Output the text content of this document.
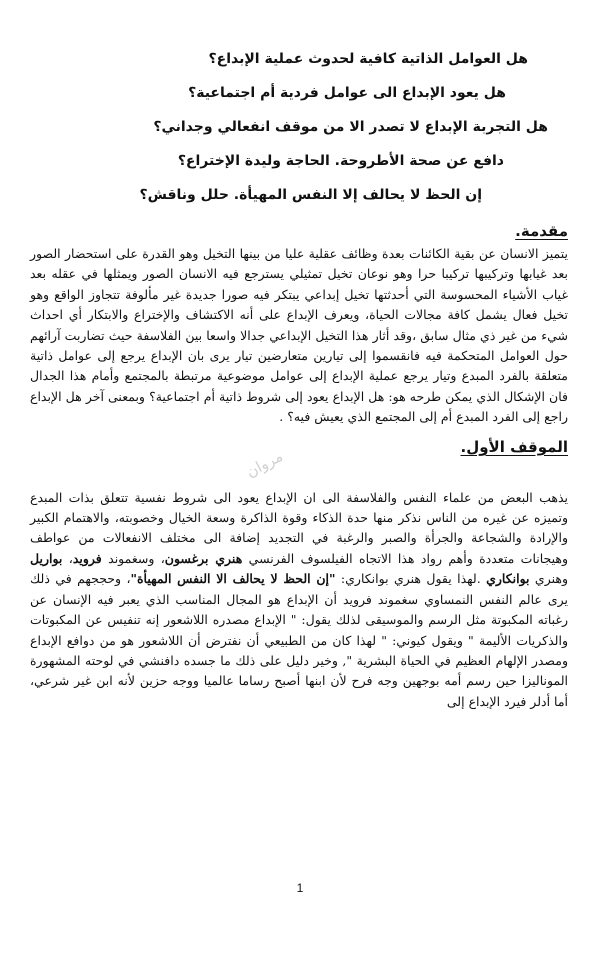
هل العوامل الذاتية كافية لحدوث عملية الإبداع؟
هل يعود الإبداع الى عوامل فردية أم اجتماعية؟
هل التجربة الإبداع لا تصدر الا من موقف انفعالي وجداني؟
دافع عن صحة الأطروحة. الحاجة وليدة الإختراع؟
إن الحظ لا يحالف إلا النفس المهيأة. حلل وناقش؟
مقدمة.

يتميز الانسان عن بقية الكائنات بعدة وظائف عقلية عليا من بينها التخيل وهو القدرة على استحضار الصور بعد غيابها وتركيبها تركيبا حرا وهو نوعان تخيل تمثيلي يسترجع فيه الانسان الصور ويمثلها في عقله بعد غياب الأشياء المحسوسة التي أحدثتها تخيل إبداعي يبتكر فيه صورا جديدة غير مألوفة تتجاوز الواقع وهو تخيل فعال يشمل كافة مجالات الحياة، ويعرف الإبداع على أنه الاكتشاف والإختراع والابتكار أي احداث شيء من غير ذي مثال سابق ،وقد أثار هذا التخيل الإبداعي جدالا واسعا بين الفلاسفة حيث تضاربت آرائهم حول العوامل المتحكمة فيه فانقسموا إلى تيارين متعارضين تيار يرى بان الإبداع يرجع إلى عوامل ذاتية متعلقة بالفرد المبدع وتيار يرجع عملية الإبداع إلى عوامل موضوعية مرتبطة بالمجتمع وأمام هذا الجدال فان الإشكال الذي يمكن طرحه هو: هل الإبداع يعود إلى شروط ذاتية أم اجتماعية؟ وبمعنى آخر هل الإبداع راجع إلى الفرد المبدع أم إلى المجتمع الذي يعيش فيه؟ .

الموقف الأول.

يذهب البعض من علماء النفس والفلاسفة الى ان الإبداع يعود الى شروط نفسية تتعلق بذات المبدع وتميزه عن غيره من الناس نذكر منها حدة الذكاء وقوة الذاكرة وسعة الخيال وخصوبته، والاهتمام الكبير والإرادة والشجاعة والجرأة والصبر والرغبة في التجديد إضافة الى مختلف الانفعالات من عواطف وهيجانات متعددة وأهم رواد هذا الاتجاه الفيلسوف الفرنسي هنري برغسون، وسغموند فرويد، بواريل وهنري بوانكاري .لهذا يقول هنري بوانكاري: "إن الحظ لا يحالف الا النفس المهيأة"، وحججهم في ذلك يرى عالم النفس النمساوي سغموند فرويد أن الإبداع هو المجال المناسب الذي يعبر فيه الإنسان عن رغباته المكبوتة مثل الرسم والموسيقى لذلك يقول: " الإبداع مصدره اللاشعور إنه تنفيس عن المكبوتات والذكريات الأليمة " ويقول كيوني: " لهذا كان من الطبيعي أن نفترض أن اللاشعور هو من دوافع الإبداع ومصدر الإلهام العظيم في الحياة البشرية ", وخير دليل على ذلك ما جسده دافنشي في لوحته المشهورة الموناليزا حين رسم أمه بوجهين وجه فرح لأن ابنها أصبح رساما عالميا ووجه حزين لأنه ابن غير شرعي، أما أدلر فيرد الإبداع إلى

مروان
1
